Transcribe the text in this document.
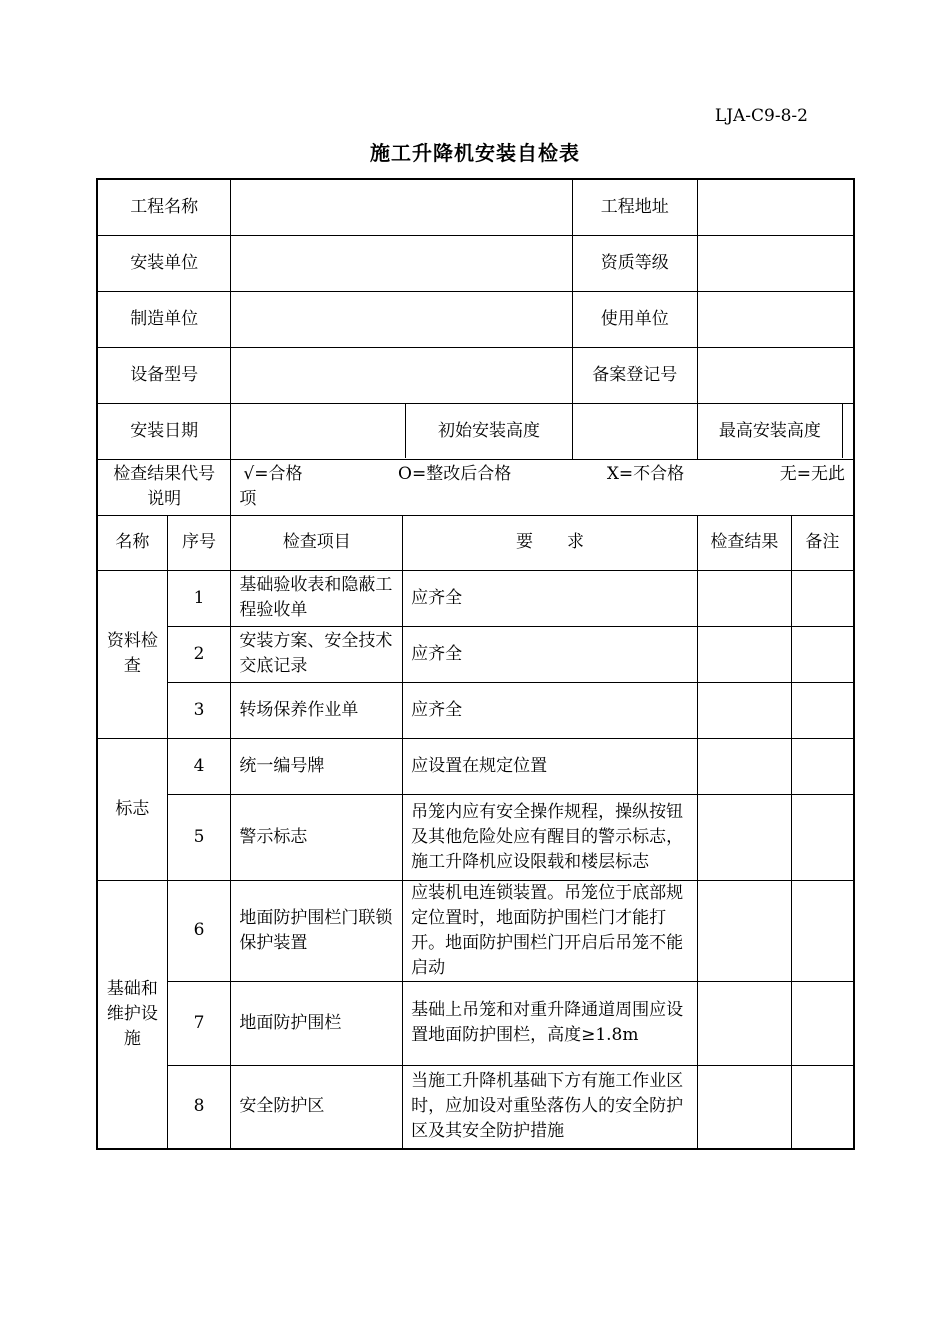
LJA-C9-8-2
施工升降机安装自检表
工程名称				工程地址		
安装单位				资质等级		
制造单位				使用单位		
设备型号				备案登记号		
安装日期		初始安装高度			最高安装高度	

检查结果代号说明		√=合格 O=整改后合格 X=不合格 无=无此
项				

名称	序号	检查项目	要　　求		检查结果	备注
资料检查	1	基础验收表和隐蔽工程验收单	应齐全			
	2	安装方案、安全技术交底记录	应齐全			
	3	转场保养作业单	应齐全			
标志	4	统一编号牌	应设置在规定位置			
	5	警示标志	吊笼内应有安全操作规程，操纵按钮及其他危险处应有醒目的警示标志，施工升降机应设限载和楼层标志			
基础和维护设施	6	地面防护围栏门联锁保护装置	应装机电连锁装置。吊笼位于底部规定位置时，地面防护围栏门才能打开。地面防护围栏门开启后吊笼不能启动			
	7	地面防护围栏	基础上吊笼和对重升降通道周围应设置地面防护围栏，高度≥1.8m			
	8	安全防护区	当施工升降机基础下方有施工作业区时，应加设对重坠落伤人的安全防护区及其安全防护措施			
